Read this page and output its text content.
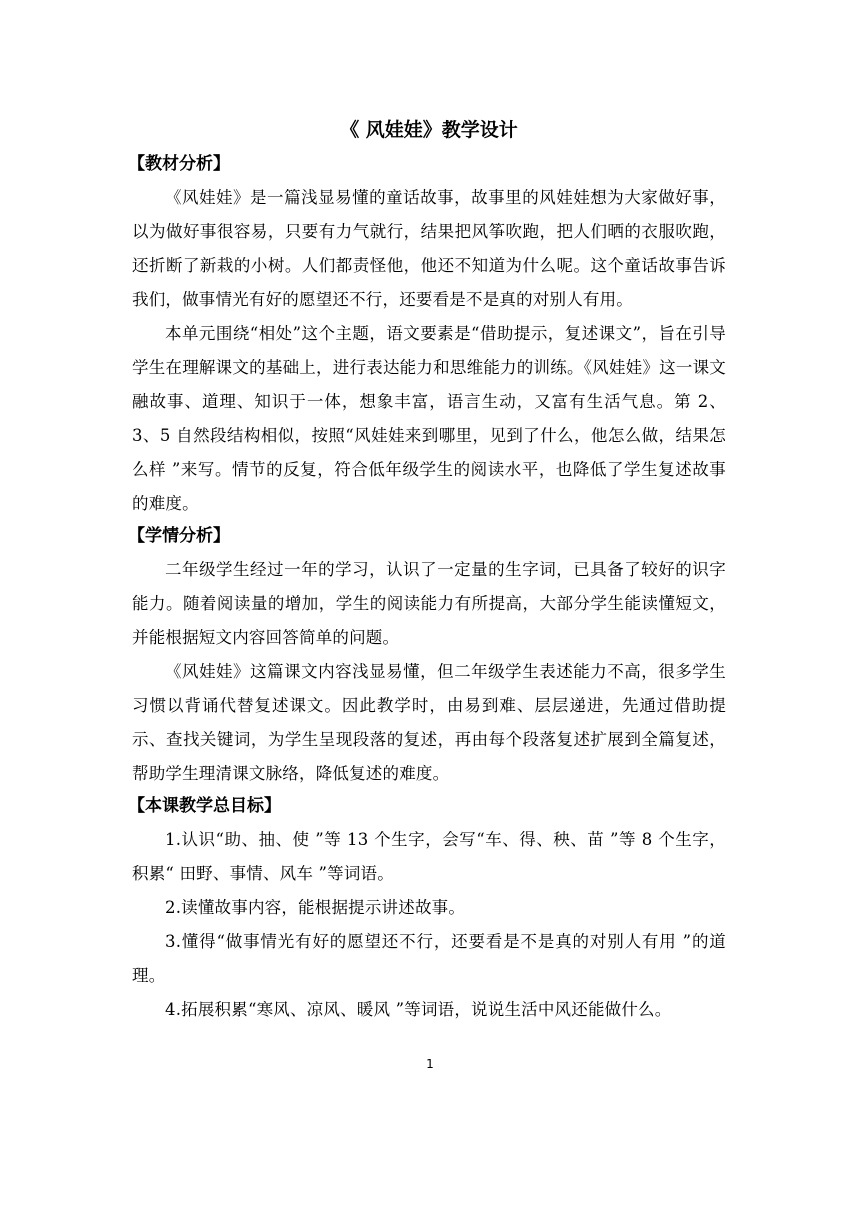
《 风娃娃》教学设计
【教材分析】

《风娃娃》是一篇浅显易懂的童话故事，故事里的风娃娃想为大家做好事，以为做好事很容易，只要有力气就行，结果把风筝吹跑，把人们晒的衣服吹跑，还折断了新栽的小树。人们都责怪他，他还不知道为什么呢。这个童话故事告诉我们，做事情光有好的愿望还不行，还要看是不是真的对别人有用。

本单元围绕“相处”这个主题，语文要素是“借助提示，复述课文”，旨在引导学生在理解课文的基础上，进行表达能力和思维能力的训练。《风娃娃》这一课文融故事、道理、知识于一体，想象丰富，语言生动，又富有生活气息。第 2、3、5 自然段结构相似，按照“风娃娃来到哪里，见到了什么，他怎么做，结果怎么样 ”来写。情节的反复，符合低年级学生的阅读水平，也降低了学生复述故事的难度。

【学情分析】

二年级学生经过一年的学习，认识了一定量的生字词，已具备了较好的识字能力。随着阅读量的增加，学生的阅读能力有所提高，大部分学生能读懂短文，并能根据短文内容回答简单的问题。

《风娃娃》这篇课文内容浅显易懂，但二年级学生表述能力不高，很多学生习惯以背诵代替复述课文。因此教学时，由易到难、层层递进，先通过借助提示、查找关键词，为学生呈现段落的复述，再由每个段落复述扩展到全篇复述，帮助学生理清课文脉络，降低复述的难度。

【本课教学总目标】

1.认识“助、抽、使 ”等 13 个生字，会写“车、得、秧、苗 ”等 8 个生字，积累“ 田野、事情、风车 ”等词语。

2.读懂故事内容，能根据提示讲述故事。

3.懂得“做事情光有好的愿望还不行，还要看是不是真的对别人有用 ”的道理。

4.拓展积累“寒风、凉风、暖风 ”等词语，说说生活中风还能做什么。

1
